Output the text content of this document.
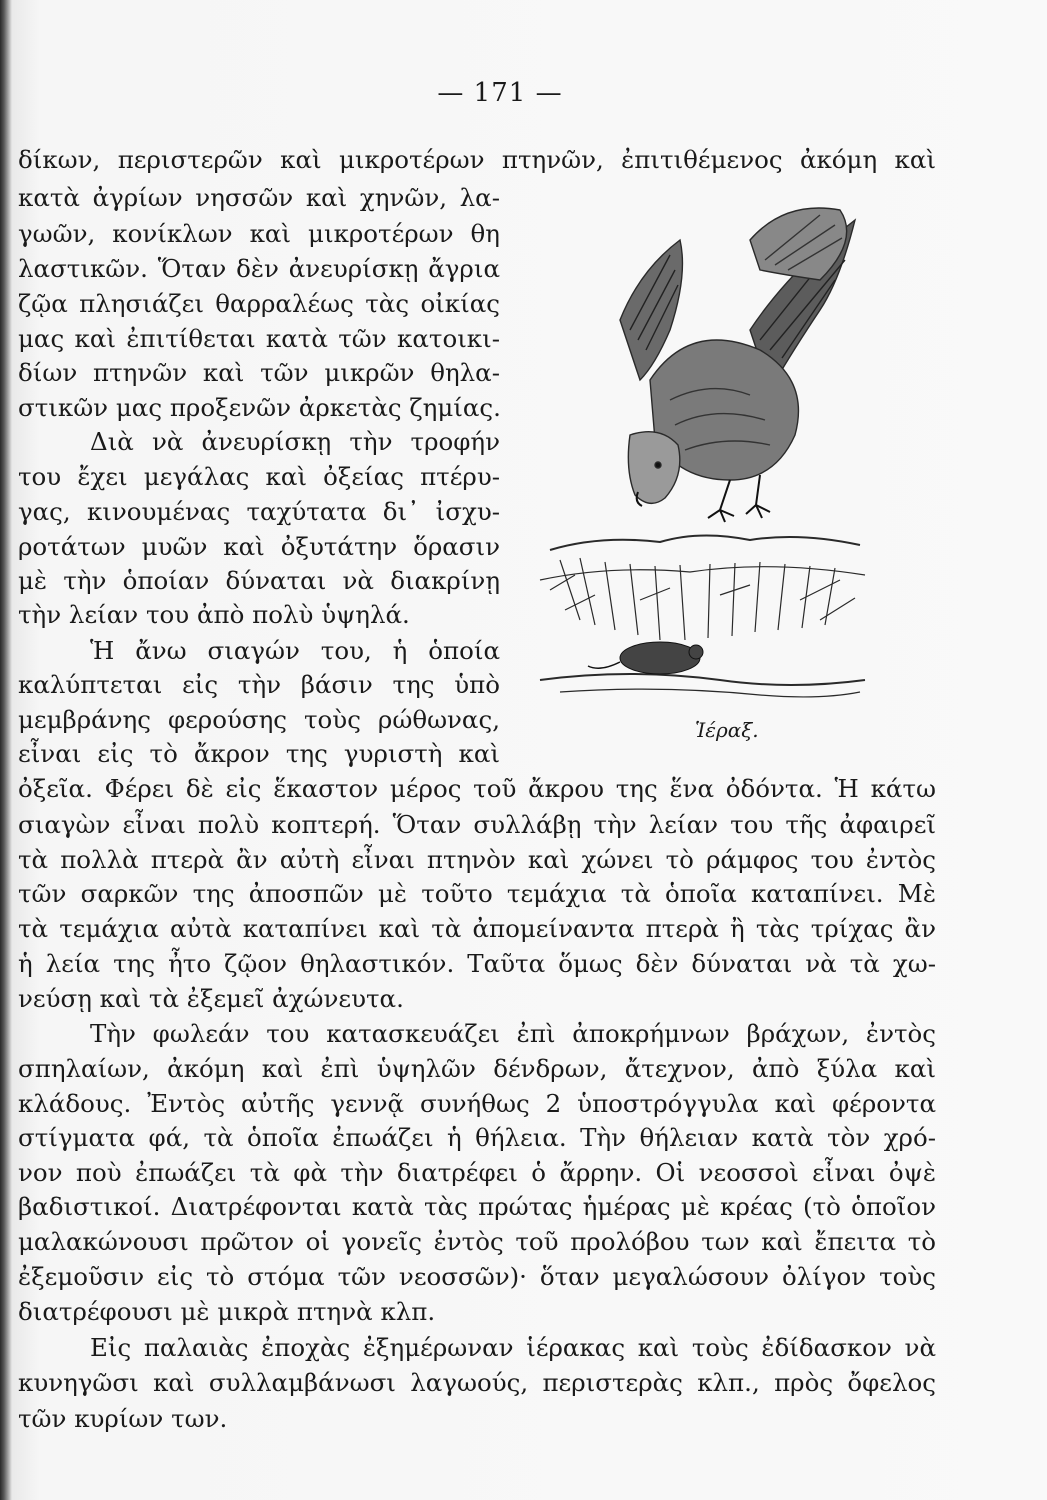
— 171 —
δίκων, περιστερῶν καὶ μικροτέρων πτηνῶν, ἐπιτιθέμενος ἀκόμη καὶ
κατὰ ἀγρίων νησσῶν καὶ χηνῶν, λα-
γωῶν, κονίκλων καὶ μικροτέρων θη
λαστικῶν. Ὅταν δὲν ἀνευρίσκῃ ἄγρια
ζῷα πλησιάζει θαρραλέως τὰς οἰκίας
μας καὶ ἐπιτίθεται κατὰ τῶν κατοικι-
δίων πτηνῶν καὶ τῶν μικρῶν θηλα-
στικῶν μας προξενῶν ἀρκετὰς ζημίας.
Διὰ νὰ ἀνευρίσκῃ τὴν τροφήν
του ἔχει μεγάλας καὶ ὀξείας πτέρυ-
γας, κινουμένας ταχύτατα δι᾽ ἰσχυ-
ροτάτων μυῶν καὶ ὀξυτάτην ὅρασιν
μὲ τὴν ὁποίαν δύναται νὰ διακρίνῃ
τὴν λείαν του ἀπὸ πολὺ ὑψηλά.
Ἡ ἄνω σιαγών του, ἡ ὁποία
καλύπτεται εἰς τὴν βάσιν της ὑπὸ
μεμβράνης φερούσης τοὺς ρώθωνας,
εἶναι εἰς τὸ ἄκρον της γυριστὴ καὶ
ὀξεῖα. Φέρει δὲ εἰς ἕκαστον μέρος τοῦ ἄκρου της ἕνα ὀδόντα. Ἡ κάτω
σιαγὼν εἶναι πολὺ κοπτερή. Ὅταν συλλάβῃ τὴν λείαν του τῆς ἀφαιρεῖ
τὰ πολλὰ πτερὰ ἂν αὐτὴ εἶναι πτηνὸν καὶ χώνει τὸ ράμφος του ἐντὸς
τῶν σαρκῶν της ἀποσπῶν μὲ τοῦτο τεμάχια τὰ ὁποῖα καταπίνει. Μὲ
τὰ τεμάχια αὐτὰ καταπίνει καὶ τὰ ἀπομείναντα πτερὰ ἢ τὰς τρίχας ἂν
ἡ λεία της ἦτο ζῷον θηλαστικόν. Ταῦτα ὅμως δὲν δύναται νὰ τὰ χω-
νεύσῃ καὶ τὰ ἐξεμεῖ ἀχώνευτα.
Τὴν φωλεάν του κατασκευάζει ἐπὶ ἀποκρήμνων βράχων, ἐντὸς
σπηλαίων, ἀκόμη καὶ ἐπὶ ὑψηλῶν δένδρων, ἄτεχνον, ἀπὸ ξύλα καὶ
κλάδους. Ἐντὸς αὐτῆς γεννᾷ συνήθως 2 ὑποστρόγγυλα καὶ φέροντα
στίγματα φά, τὰ ὁποῖα ἐπωάζει ἡ θήλεια. Τὴν θήλειαν κατὰ τὸν χρό-
νον ποὺ ἐπωάζει τὰ φὰ τὴν διατρέφει ὁ ἄρρην. Οἱ νεοσσοὶ εἶναι ὀψὲ
βαδιστικοί. Διατρέφονται κατὰ τὰς πρώτας ἡμέρας μὲ κρέας (τὸ ὁποῖον
μαλακώνουσι πρῶτον οἱ γονεῖς ἐντὸς τοῦ προλόβου των καὶ ἔπειτα τὸ
ἐξεμοῦσιν εἰς τὸ στόμα τῶν νεοσσῶν)· ὅταν μεγαλώσουν ὀλίγον τοὺς
διατρέφουσι μὲ μικρὰ πτηνὰ κλπ.
Εἰς παλαιὰς ἐποχὰς ἐξημέρωναν ἱέρακας καὶ τοὺς ἐδίδασκον νὰ
κυνηγῶσι καὶ συλλαμβάνωσι λαγωούς, περιστερὰς κλπ., πρὸς ὄφελος
τῶν κυρίων των.
Ἱέραξ.
